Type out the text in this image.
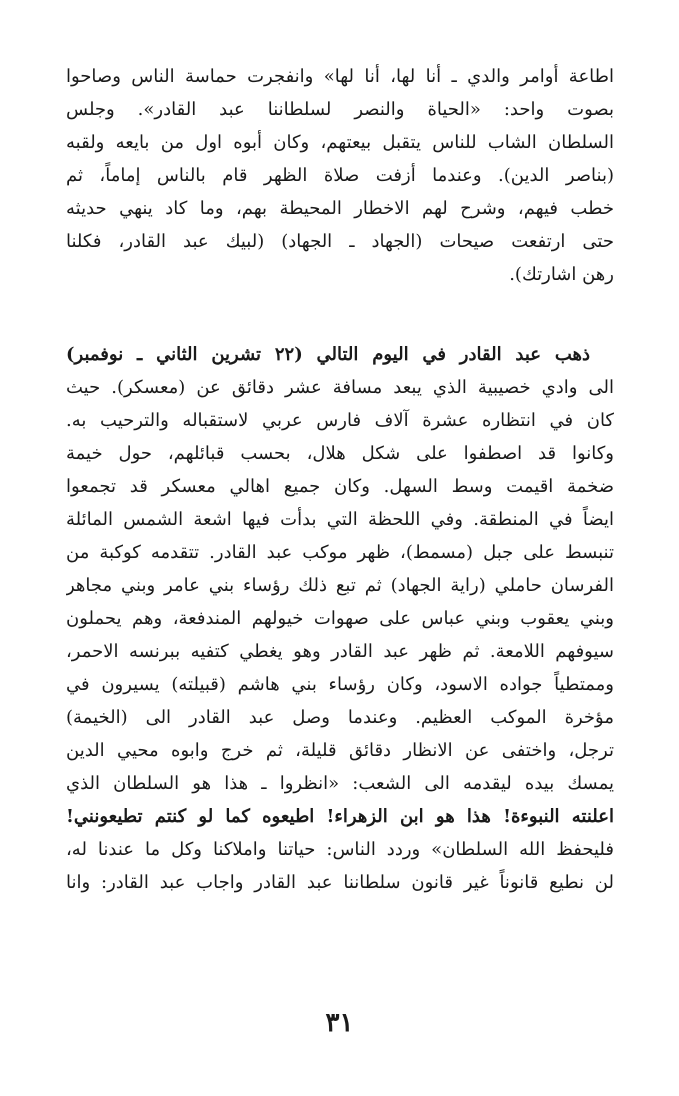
اطاعة أوامر والدي ـ أنا لها، أنا لها» وانفجرت حماسة الناس وصاحوا
بصوت واحد: «الحياة والنصر لسلطاننا عبد القادر». وجلس
السلطان الشاب للناس يتقبل بيعتهم، وكان أبوه اول من بايعه ولقبه
(بناصر الدين). وعندما أزفت صلاة الظهر قام بالناس إماماً، ثم
خطب فيهم، وشرح لهم الاخطار المحيطة بهم، وما كاد ينهي حديثه
حتى ارتفعت صيحات (الجهاد ـ الجهاد) (لبيك عبد القادر، فكلنا
رهن اشارتك).
ذهب عبد القادر في اليوم التالي (٢٢ تشرين الثاني ـ نوفمبر)
الى وادي خصيبية الذي يبعد مسافة عشر دقائق عن (معسكر). حيث
كان في انتظاره عشرة آلاف فارس عربي لاستقباله والترحيب به.
وكانوا قد اصطفوا على شكل هلال، بحسب قبائلهم، حول خيمة
ضخمة اقيمت وسط السهل. وكان جميع اهالي معسكر قد تجمعوا
ايضاً في المنطقة. وفي اللحظة التي بدأت فيها اشعة الشمس المائلة
تنبسط على جبل (مسمط)، ظهر موكب عبد القادر. تتقدمه كوكبة من
الفرسان حاملي (راية الجهاد) ثم تبع ذلك رؤساء بني عامر وبني مجاهر
وبني يعقوب وبني عباس على صهوات خيولهم المندفعة، وهم يحملون
سيوفهم اللامعة. ثم ظهر عبد القادر وهو يغطي كتفيه ببرنسه الاحمر،
وممتطياً جواده الاسود، وكان رؤساء بني هاشم (قبيلته) يسيرون في
مؤخرة الموكب العظيم. وعندما وصل عبد القادر الى (الخيمة)
ترجل، واختفى عن الانظار دقائق قليلة، ثم خرج وابوه محيي الدين
يمسك بيده ليقدمه الى الشعب: «انظروا ـ هذا هو السلطان الذي
اعلنته النبوءة! هذا هو ابن الزهراء! اطيعوه كما لو كنتم تطيعونني!
فليحفظ الله السلطان» وردد الناس: حياتنا واملاكنا وكل ما عندنا له،
لن نطيع قانوناً غير قانون سلطاننا عبد القادر واجاب عبد القادر: وانا
٣١
